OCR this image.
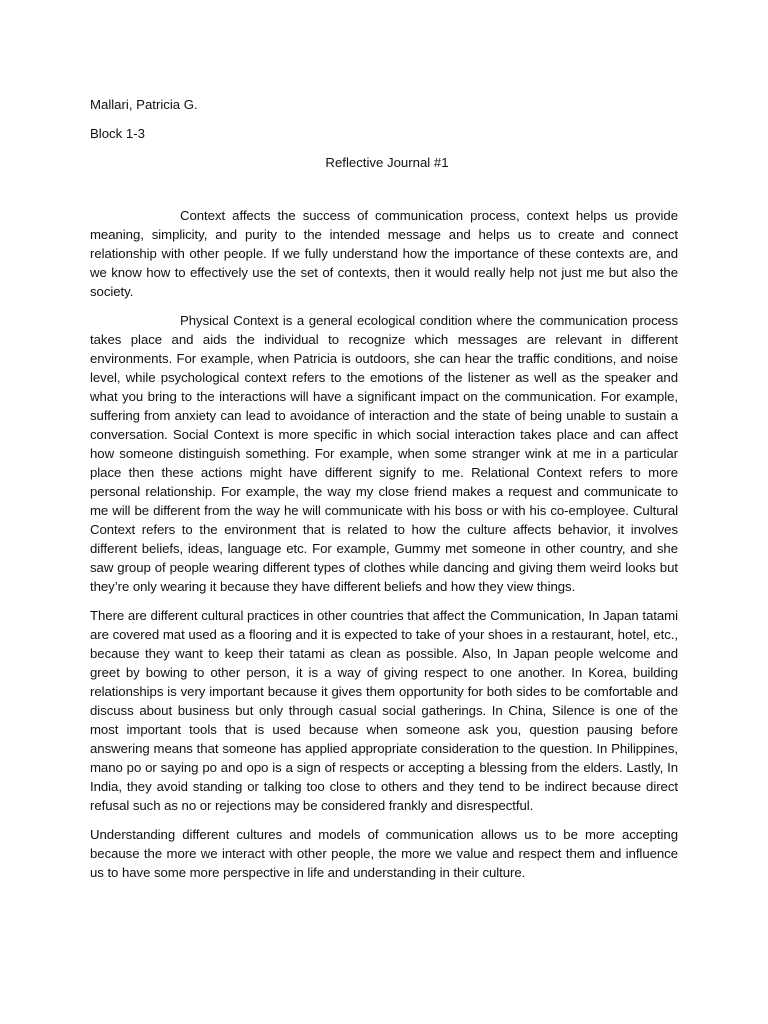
Mallari, Patricia G.

Block 1-3

Reflective Journal #1

Context affects the success of communication process, context helps us provide meaning, simplicity, and purity to the intended message and helps us to create and connect relationship with other people. If we fully understand how the importance of these contexts are, and we know how to effectively use the set of contexts, then it would really help not just me but also the society.

Physical Context is a general ecological condition where the communication process takes place and aids the individual to recognize which messages are relevant in different environments. For example, when Patricia is outdoors, she can hear the traffic conditions, and noise level, while psychological context refers to the emotions of the listener as well as the speaker and what you bring to the interactions will have a significant impact on the communication. For example, suffering from anxiety can lead to avoidance of interaction and the state of being unable to sustain a conversation. Social Context is more specific in which social interaction takes place and can affect how someone distinguish something. For example, when some stranger wink at me in a particular place then these actions might have different signify to me. Relational Context refers to more personal relationship. For example, the way my close friend makes a request and communicate to me will be different from the way he will communicate with his boss or with his co-employee. Cultural Context refers to the environment that is related to how the culture affects behavior, it involves different beliefs, ideas, language etc. For example, Gummy met someone in other country, and she saw group of people wearing different types of clothes while dancing and giving them weird looks but they’re only wearing it because they have different beliefs and how they view things.

There are different cultural practices in other countries that affect the Communication, In Japan tatami are covered mat used as a flooring and it is expected to take of your shoes in a restaurant, hotel, etc., because they want to keep their tatami as clean as possible. Also, In Japan people welcome and greet by bowing to other person, it is a way of giving respect to one another. In Korea, building relationships is very important because it gives them opportunity for both sides to be comfortable and discuss about business but only through casual social gatherings. In China, Silence is one of the most important tools that is used because when someone ask you, question pausing before answering means that someone has applied appropriate consideration to the question. In Philippines, mano po or saying po and opo is a sign of respects or accepting a blessing from the elders. Lastly, In India, they avoid standing or talking too close to others and they tend to be indirect because direct refusal such as no or rejections may be considered frankly and disrespectful.

Understanding different cultures and models of communication allows us to be more accepting because the more we interact with other people, the more we value and respect them and influence us to have some more perspective in life and understanding in their culture.
